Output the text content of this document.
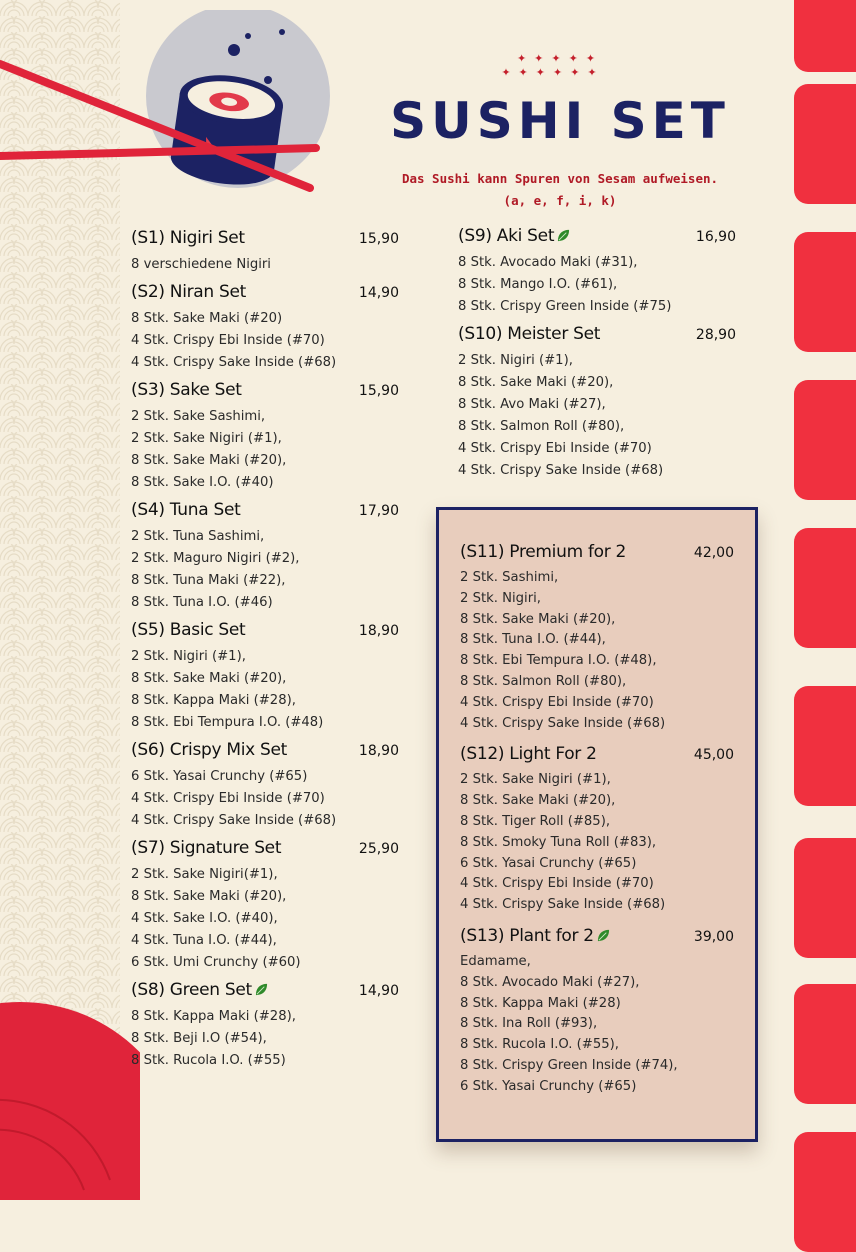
✦✦✦✦✦
✦✦✦✦✦✦
SUSHI SET
Das Sushi kann Spuren von Sesam aufweisen.
(a, e, f, i, k)
(S1) Nigiri Set	15,90
8 verschiedene Nigiri
(S2) Niran Set	14,90
8 Stk. Sake Maki (#20)
4 Stk. Crispy Ebi Inside (#70)
4 Stk. Crispy Sake Inside (#68)
(S3) Sake Set	15,90
2 Stk. Sake Sashimi,
2 Stk. Sake Nigiri (#1),
8 Stk. Sake Maki (#20),
8 Stk. Sake I.O. (#40)
(S4) Tuna Set	17,90
2 Stk. Tuna Sashimi,
2 Stk. Maguro Nigiri (#2),
8 Stk. Tuna Maki (#22),
8 Stk. Tuna I.O. (#46)
(S5) Basic Set	18,90
2 Stk. Nigiri (#1),
8 Stk. Sake Maki (#20),
8 Stk. Kappa Maki (#28),
8 Stk. Ebi Tempura I.O. (#48)
(S6) Crispy Mix Set	18,90
6 Stk. Yasai Crunchy (#65)
4 Stk. Crispy Ebi Inside (#70)
4 Stk. Crispy Sake Inside (#68)
(S7) Signature Set	25,90
2 Stk. Sake Nigiri(#1),
8 Stk. Sake Maki (#20),
4 Stk. Sake I.O. (#40),
4 Stk. Tuna I.O. (#44),
6 Stk. Umi Crunchy (#60)
(S8) Green Set	14,90
8 Stk. Kappa Maki (#28),
8 Stk. Beji I.O (#54),
8 Stk. Rucola I.O. (#55)
(S9) Aki Set	16,90
8 Stk. Avocado Maki (#31),
8 Stk. Mango I.O. (#61),
8 Stk. Crispy Green Inside (#75)
(S10) Meister Set	28,90
2 Stk. Nigiri (#1),
8 Stk. Sake Maki (#20),
8 Stk. Avo Maki (#27),
8 Stk. Salmon Roll (#80),
4 Stk. Crispy Ebi Inside (#70)
4 Stk. Crispy Sake Inside (#68)
(S11) Premium for 2	42,00
2 Stk. Sashimi,
2 Stk. Nigiri,
8 Stk. Sake Maki (#20),
8 Stk. Tuna I.O. (#44),
8 Stk. Ebi Tempura I.O. (#48),
8 Stk. Salmon Roll (#80),
4 Stk. Crispy Ebi Inside (#70)
4 Stk. Crispy Sake Inside (#68)
(S12) Light For 2	45,00
2 Stk. Sake Nigiri (#1),
8 Stk. Sake Maki (#20),
8 Stk. Tiger Roll (#85),
8 Stk. Smoky Tuna Roll (#83),
6 Stk. Yasai Crunchy (#65)
4 Stk. Crispy Ebi Inside (#70)
4 Stk. Crispy Sake Inside (#68)
(S13) Plant for 2	39,00
Edamame,
8 Stk. Avocado Maki (#27),
8 Stk. Kappa Maki (#28)
8 Stk. Ina Roll (#93),
8 Stk. Rucola I.O. (#55),
8 Stk. Crispy Green Inside (#74),
6 Stk. Yasai Crunchy (#65)
